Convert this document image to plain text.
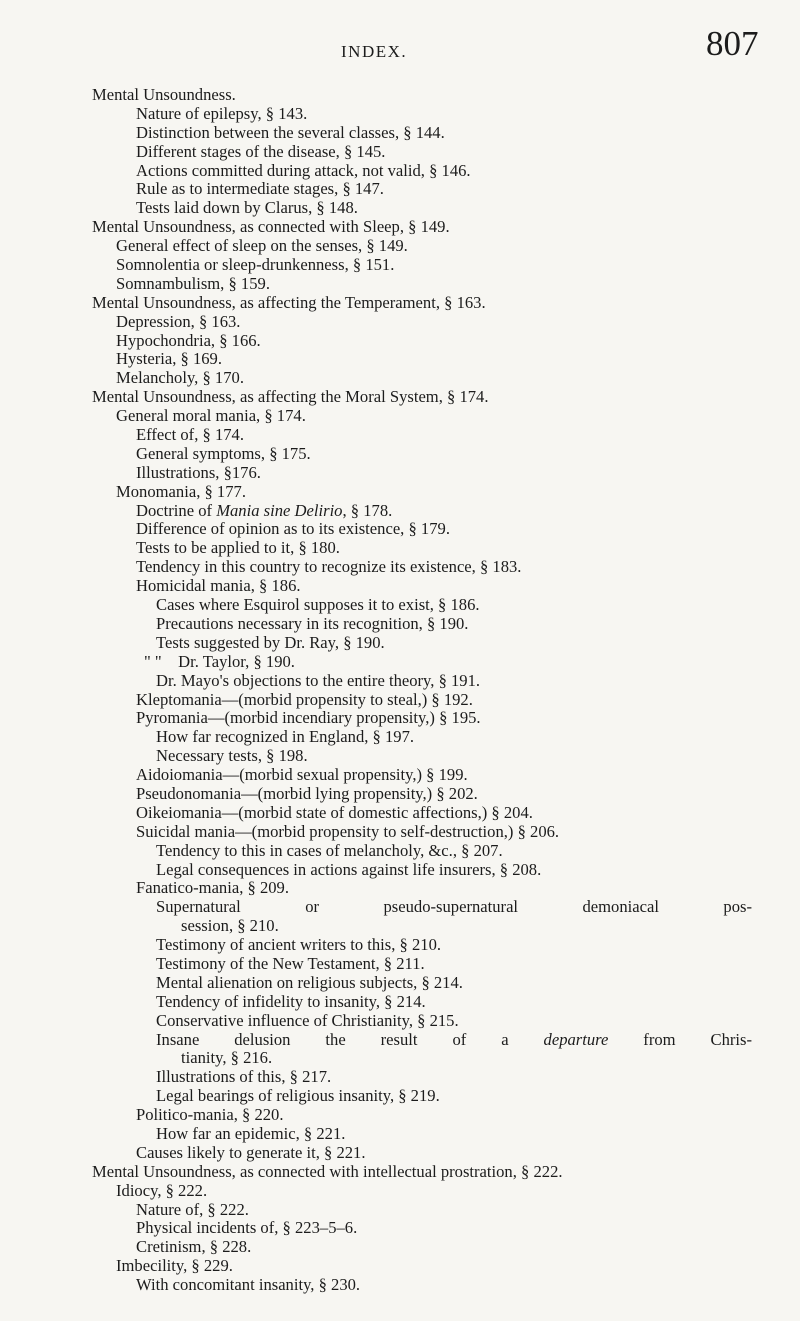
INDEX.	807
Mental Unsoundness.
Nature of epilepsy, § 143.
Distinction between the several classes, § 144.
Different stages of the disease, § 145.
Actions committed during attack, not valid, § 146.
Rule as to intermediate stages, § 147.
Tests laid down by Clarus, § 148.
Mental Unsoundness, as connected with Sleep, § 149.
General effect of sleep on the senses, § 149.
Somnolentia or sleep-drunkenness, § 151.
Somnambulism, § 159.
Mental Unsoundness, as affecting the Temperament, § 163.
Depression, § 163.
Hypochondria, § 166.
Hysteria, § 169.
Melancholy, § 170.
Mental Unsoundness, as affecting the Moral System, § 174.
General moral mania, § 174.
Effect of, § 174.
General symptoms, § 175.
Illustrations, §176.
Monomania, § 177.
Doctrine of Mania sine Delirio, § 178.
Difference of opinion as to its existence, § 179.
Tests to be applied to it, § 180.
Tendency in this country to recognize its existence, § 183.
Homicidal mania, § 186.
Cases where Esquirol supposes it to exist, § 186.
Precautions necessary in its recognition, § 190.
Tests suggested by Dr. Ray, § 190.
" " Dr. Taylor, § 190.
Dr. Mayo's objections to the entire theory, § 191.
Kleptomania—(morbid propensity to steal,) § 192.
Pyromania—(morbid incendiary propensity,) § 195.
How far recognized in England, § 197.
Necessary tests, § 198.
Aidoiomania—(morbid sexual propensity,) § 199.
Pseudonomania—(morbid lying propensity,) § 202.
Oikeiomania—(morbid state of domestic affections,) § 204.
Suicidal mania—(morbid propensity to self-destruction,) § 206.
Tendency to this in cases of melancholy, &c., § 207.
Legal consequences in actions against life insurers, § 208.
Fanatico-mania, § 209.
Supernatural or pseudo-supernatural demoniacal pos-
session, § 210.
Testimony of ancient writers to this, § 210.
Testimony of the New Testament, § 211.
Mental alienation on religious subjects, § 214.
Tendency of infidelity to insanity, § 214.
Conservative influence of Christianity, § 215.
Insane delusion the result of a departure from Chris-
tianity, § 216.
Illustrations of this, § 217.
Legal bearings of religious insanity, § 219.
Politico-mania, § 220.
How far an epidemic, § 221.
Causes likely to generate it, § 221.
Mental Unsoundness, as connected with intellectual prostration, § 222.
Idiocy, § 222.
Nature of, § 222.
Physical incidents of, § 223–5–6.
Cretinism, § 228.
Imbecility, § 229.
With concomitant insanity, § 230.
